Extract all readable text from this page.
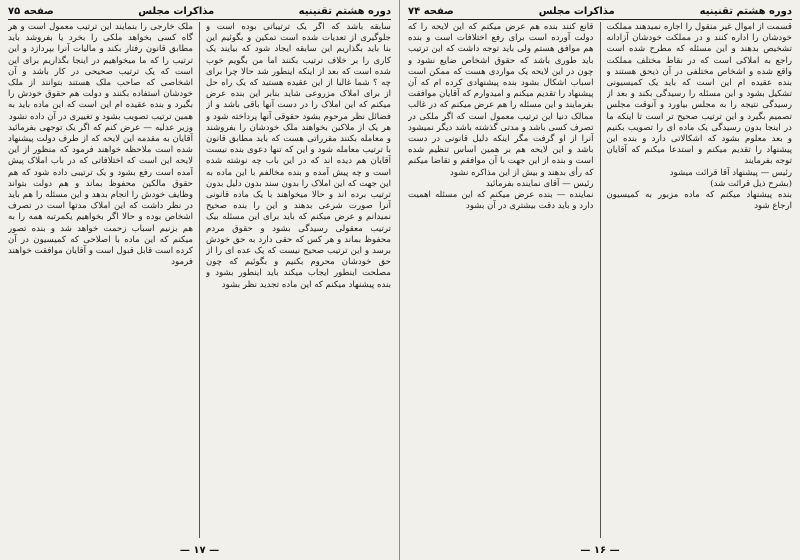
دوره هشتم تقنینیه
مذاکرات مجلس
صفحه ۷۵

سابقه باشد که اگر یک ترتیباتی بوده است و جلوگیری از تعدیات شده است تمکین و بگوئیم این بنا باید بگذاریم این سابقه ایجاد شود که بیایند یک کاری را بر خلاف ترتیب بکنند اما من بگویم خوب شده است که بعد از اینکه اینطور شد حالا چرا برای چه ؟ شما غالبا از این عقیده هستید که یک راه حل از برای املاک مزروعی شاید بنابر این بنده عرض میکنم که این املاک را در دست آنها باقی باشد و از فضائل نظر مرحوم بشود حقوقی آنها پرداخته شود و هر یک از ملاکین بخواهند ملک خودشان را بفروشند و معامله بکنند مقرراتی هست که باید مطابق قانون با ترتیب معامله شود و این که تنها دعوی بنده نیست آقایان هم دیده اند که در این باب چه نوشته شده است و چه پیش آمده و بنده مخالفم با این ماده به این جهت که این املاک را بدون سند بدون دلیل بدون ترتیب برده اند و حالا میخواهند با یک ماده قانونی آنرا صورت شرعی بدهند و این را بنده صحیح نمیدانم و عرض میکنم که باید برای این مسئله بیک ترتیب معقولی رسیدگی بشود و حقوق مردم محفوظ بماند و هر کس که حقی دارد به حق خودش برسد و این ترتیب صحیح نیست که یک عده ای را از حق خودشان محروم بکنیم و بگوئیم که چون مصلحت اینطور ایجاب میکند باید اینطور بشود و بنده پیشنهاد میکنم که این ماده تجدید نظر بشود

ملک خارجی را بنمایند این ترتیب معمول است و هر گاه کسی بخواهد ملکی را بخرد یا بفروشد باید مطابق قانون رفتار بکند و مالیات آنرا بپردازد و این ترتیب را که ما میخواهیم در اینجا بگذاریم برای این است که یک ترتیب صحیحی در کار باشد و آن اشخاصی که صاحب ملک هستند بتوانند از ملک خودشان استفاده بکنند و دولت هم حقوق خودش را بگیرد و بنده عقیده ام این است که این ماده باید به همین ترتیب تصویب بشود و تغییری در آن داده نشود
وزیر عدلیه — عرض کنم که اگر یک توجهی بفرمائید آقایان به مقدمه این لایحه که از طرف دولت پیشنهاد شده است ملاحظه خواهند فرمود که منظور از این لایحه این است که اختلافاتی که در باب املاک پیش آمده است رفع بشود و یک ترتیبی داده شود که هم حقوق مالکین محفوظ بماند و هم دولت بتواند وظایف خودش را انجام بدهد و این مسئله را هم باید در نظر داشت که این املاک مدتها است در تصرف اشخاص بوده و حالا اگر بخواهیم یکمرتبه همه را به هم بزنیم اسباب زحمت خواهد شد و بنده تصور میکنم که این ماده با اصلاحی که کمیسیون در آن کرده است قابل قبول است و آقایان موافقت خواهند فرمود

— ۱۷ —
دوره هشتم تقنینیه
مذاکرات مجلس
صفحه ۷۴

قسمت از اموال غیر منقول را اجاره نمیدهند مملکت خودشان را اداره کنند و در مملکت خودشان آزادانه تشخیص بدهند و این مسئله که مطرح شده است راجع به املاکی است که در نقاط مختلف مملکت واقع شده و اشخاص مختلفی در آن ذیحق هستند و بنده عقیده ام این است که باید یک کمیسیونی تشکیل بشود و این مسئله را رسیدگی بکند و بعد از رسیدگی نتیجه را به مجلس بیاورد و آنوقت مجلس تصمیم بگیرد و این ترتیب صحیح تر است تا اینکه ما در اینجا بدون رسیدگی یک ماده ای را تصویب بکنیم و بعد معلوم بشود که اشکالاتی دارد و بنده این پیشنهاد را تقدیم میکنم و استدعا میکنم که آقایان توجه بفرمایند
رئیس — پیشنهاد آقا قرائت میشود
(بشرح ذیل قرائت شد)
بنده پیشنهاد میکنم که ماده مزبور به کمیسیون ارجاع شود

قانع کنند بنده هم عرض میکنم که این لایحه را که دولت آورده است برای رفع اختلافات است و بنده هم موافق هستم ولی باید توجه داشت که این ترتیب باید طوری باشد که حقوق اشخاص ضایع نشود و چون در این لایحه یک مواردی هست که ممکن است اسباب اشکال بشود بنده پیشنهادی کرده ام که آن پیشنهاد را تقدیم میکنم و امیدوارم که آقایان موافقت بفرمایند و این مسئله را هم عرض میکنم که در غالب ممالک دنیا این ترتیب معمول است که اگر ملکی در تصرف کسی باشد و مدتی گذشته باشد دیگر نمیشود آنرا از او گرفت مگر اینکه دلیل قانونی در دست باشد و این لایحه هم بر همین اساس تنظیم شده است و بنده از این جهت با آن موافقم و تقاضا میکنم که رأی بدهند و بیش از این مذاکره نشود
رئیس — آقای نماینده بفرمائید
نماینده — بنده عرض میکنم که این مسئله اهمیت دارد و باید دقت بیشتری در آن بشود

— ۱۶ —
